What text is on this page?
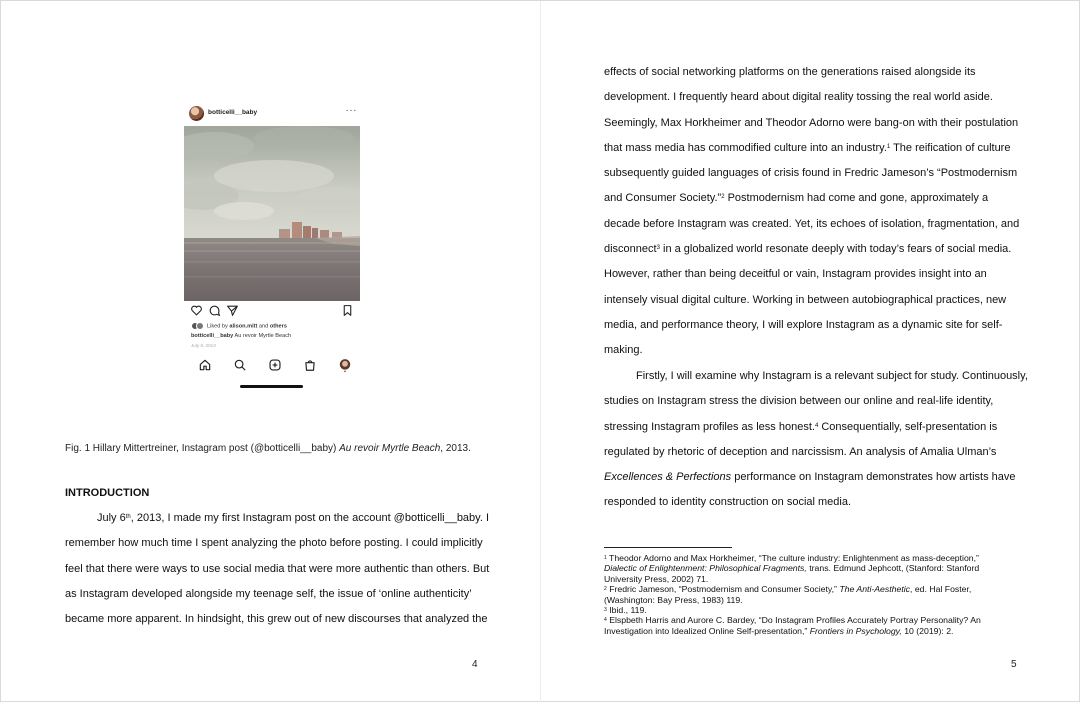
botticelli__baby	···
Liked by alison.mitt and others
botticelli__baby Au revoir Myrtle Beach
July 6, 2013
Fig. 1 Hillary Mittertreiner, Instagram post (@botticelli__baby) Au revoir Myrtle Beach, 2013.
INTRODUCTION
July 6th, 2013, I made my first Instagram post on the account @botticelli__baby. I
remember how much time I spent analyzing the photo before posting. I could implicitly
feel that there were ways to use social media that were more authentic than others. But
as Instagram developed alongside my teenage self, the issue of ‘online authenticity’
became more apparent. In hindsight, this grew out of new discourses that analyzed the
4
effects of social networking platforms on the generations raised alongside its
development. I frequently heard about digital reality tossing the real world aside.
Seemingly, Max Horkheimer and Theodor Adorno were bang-on with their postulation
that mass media has commodified culture into an industry.$^1$ The reification of culture
subsequently guided languages of crisis found in Fredric Jameson’s “Postmodernism
and Consumer Society.”$^2$ Postmodernism had come and gone, approximately a
decade before Instagram was created. Yet, its echoes of isolation, fragmentation, and
disconnect$^3$ in a globalized world resonate deeply with today’s fears of social media.
However, rather than being deceitful or vain, Instagram provides insight into an
intensely visual digital culture. Working in between autobiographical practices, new
media, and performance theory, I will explore Instagram as a dynamic site for self-
making.
Firstly, I will examine why Instagram is a relevant subject for study. Continuously,
studies on Instagram stress the division between our online and real-life identity,
stressing Instagram profiles as less honest.$^4$ Consequentially, self-presentation is
regulated by rhetoric of deception and narcissism. An analysis of Amalia Ulman’s
Excellences & Perfections performance on Instagram demonstrates how artists have
responded to identity construction on social media.
$^1$ Theodor Adorno and Max Horkheimer, “The culture industry: Enlightenment as mass-deception,”
Dialectic of Enlightenment: Philosophical Fragments, trans. Edmund Jephcott, (Stanford: Stanford
University Press, 2002) 71.
$^2$ Fredric Jameson, “Postmodernism and Consumer Society,” The Anti-Aesthetic, ed. Hal Foster,
(Washington: Bay Press, 1983) 119.
$^3$ Ibid., 119.
$^4$ Elspbeth Harris and Aurore C. Bardey, “Do Instagram Profiles Accurately Portray Personality? An
Investigation into Idealized Online Self-presentation,” Frontiers in Psychology, 10 (2019): 2.
5
